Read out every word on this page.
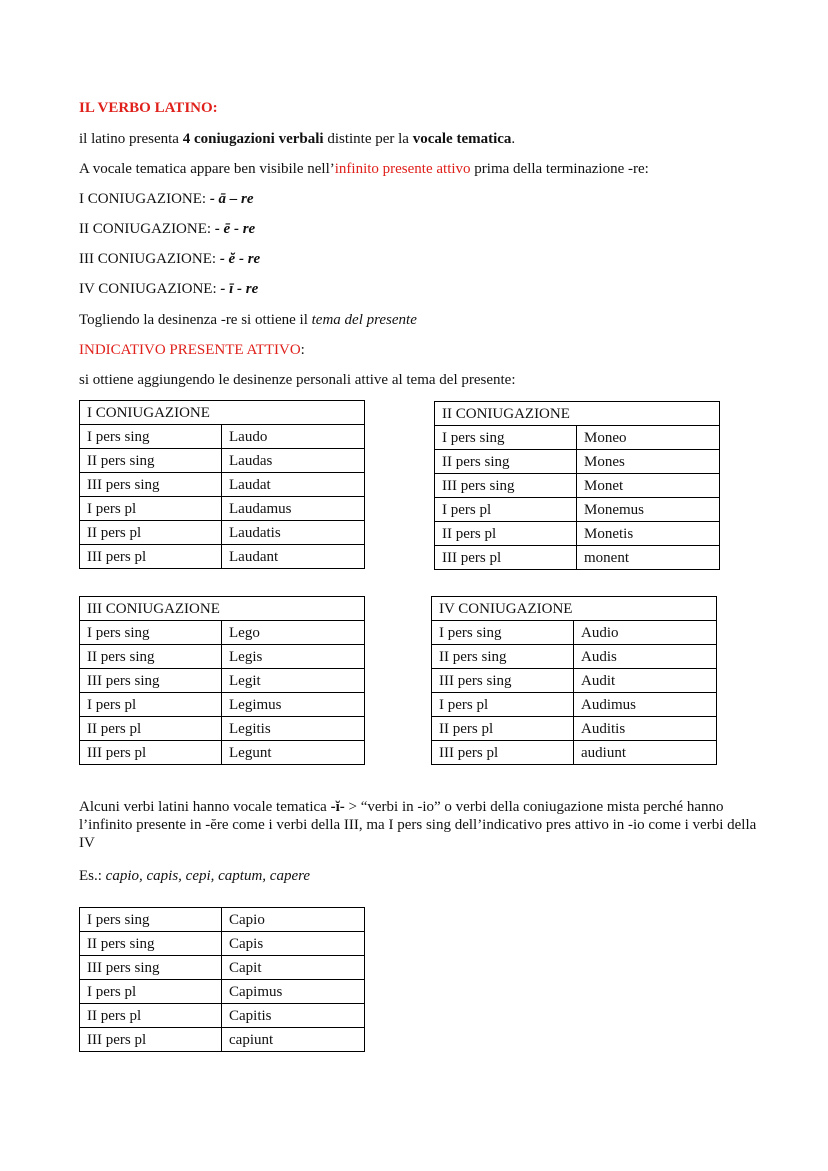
IL VERBO LATINO:
il latino presenta 4 coniugazioni verbali distinte per la vocale tematica.
A vocale tematica appare ben visibile nell’infinito presente attivo prima della terminazione -re:
I CONIUGAZIONE: - ā – re
II CONIUGAZIONE: - ē - re
III CONIUGAZIONE: - ĕ - re
IV CONIUGAZIONE: - ī - re
Togliendo la desinenza -re si ottiene il tema del presente
INDICATIVO PRESENTE ATTIVO:
si ottiene aggiungendo le desinenze personali attive al tema del presente:
I CONIUGAZIONE	
I pers sing	Laudo
II pers sing	Laudas
III pers sing	Laudat
I pers pl	Laudamus
II pers pl	Laudatis
III pers pl	Laudant
II CONIUGAZIONE	
I pers sing	Moneo
II pers sing	Mones
III pers sing	Monet
I pers pl	Monemus
II pers pl	Monetis
III pers pl	monent
III CONIUGAZIONE	
I pers sing	Lego
II pers sing	Legis
III pers sing	Legit
I pers pl	Legimus
II pers pl	Legitis
III pers pl	Legunt
IV CONIUGAZIONE	
I pers sing	Audio
II pers sing	Audis
III pers sing	Audit
I pers pl	Audimus
II pers pl	Auditis
III pers pl	audiunt
Alcuni verbi latini hanno vocale tematica -ĭ- > “verbi in -io” o verbi della coniugazione mista perché hanno l’infinito presente in -ĕre come i verbi della III, ma I pers sing dell’indicativo pres attivo in -io come i verbi della IV
Es.: capio, capis, cepi, captum, capere
I pers sing	Capio
II pers sing	Capis
III pers sing	Capit
I pers pl	Capimus
II pers pl	Capitis
III pers pl	capiunt
